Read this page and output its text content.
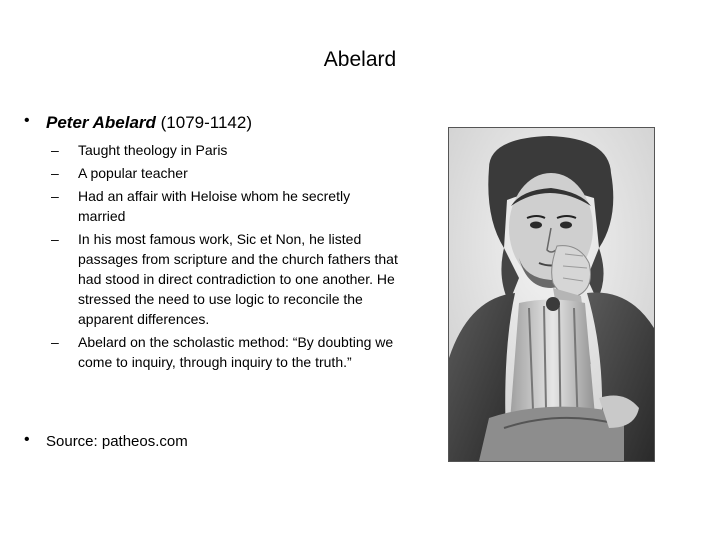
Abelard
• Peter Abelard (1079-1142)
–	Taught theology in Paris
–	A popular teacher
–	Had an affair with Heloise whom he secretly married
–	In his most famous work, Sic et Non, he listed passages from scripture and the church fathers that had stood in direct contradiction to one another. He stressed the need to use logic to reconcile the apparent differences.
–	Abelard on the scholastic method: “By doubting we come to inquiry, through inquiry to the truth.”
• Source: patheos.com
